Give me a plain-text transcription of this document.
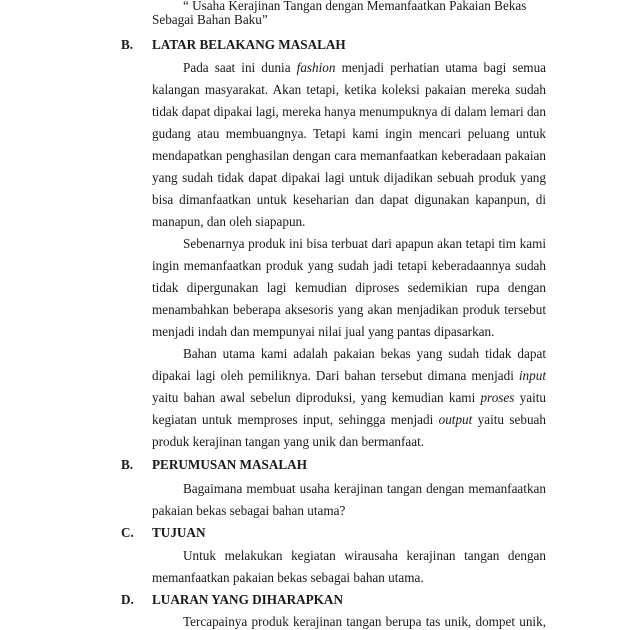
“ Usaha Kerajinan Tangan dengan Memanfaatkan Pakaian Bekas
Sebagai Bahan Baku”
B. LATAR BELAKANG MASALAH
Pada saat ini dunia fashion menjadi perhatian utama bagi semua
kalangan masyarakat. Akan tetapi, ketika koleksi pakaian mereka sudah
tidak dapat dipakai lagi, mereka hanya menumpuknya di dalam lemari dan
gudang atau membuangnya. Tetapi kami ingin mencari peluang untuk
mendapatkan penghasilan dengan cara memanfaatkan keberadaan pakaian
yang sudah tidak dapat dipakai lagi untuk dijadikan sebuah produk yang
bisa dimanfaatkan untuk keseharian dan dapat digunakan kapanpun, di
manapun, dan oleh siapapun.
Sebenarnya produk ini bisa terbuat dari apapun akan tetapi tim kami
ingin memanfaatkan produk yang sudah jadi tetapi keberadaannya sudah
tidak dipergunakan lagi kemudian diproses sedemikian rupa dengan
menambahkan beberapa aksesoris yang akan menjadikan produk tersebut
menjadi indah dan mempunyai nilai jual yang pantas dipasarkan.
Bahan utama kami adalah pakaian bekas yang sudah tidak dapat
dipakai lagi oleh pemiliknya. Dari bahan tersebut dimana menjadi input
yaitu bahan awal sebelun diproduksi, yang kemudian kami proses yaitu
kegiatan untuk memproses input, sehingga menjadi output yaitu sebuah
produk kerajinan tangan yang unik dan bermanfaat.
B. PERUMUSAN MASALAH
Bagaimana membuat usaha kerajinan tangan dengan memanfaatkan
pakaian bekas sebagai bahan utama?
C. TUJUAN
Untuk melakukan kegiatan wirausaha kerajinan tangan dengan
memanfaatkan pakaian bekas sebagai bahan utama.
D. LUARAN YANG DIHARAPKAN
Tercapainya produk kerajinan tangan berupa tas unik, dompet unik,
